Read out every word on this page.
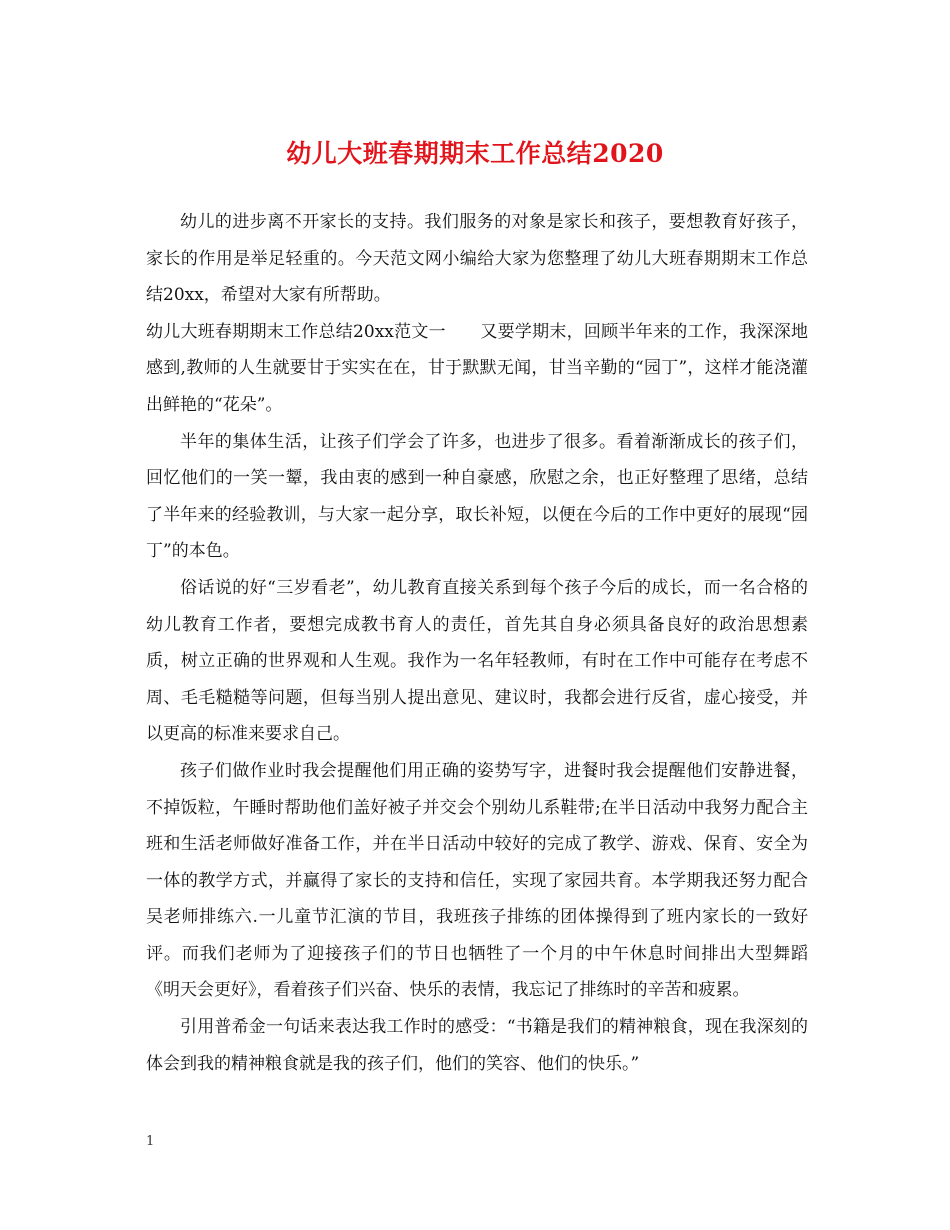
幼儿大班春期期末工作总结2020

幼儿的进步离不开家长的支持。我们服务的对象是家长和孩子，要想教育好孩子，家长的作用是举足轻重的。今天范文网小编给大家为您整理了幼儿大班春期期末工作总结20xx，希望对大家有所帮助。

幼儿大班春期期末工作总结20xx范文一　　又要学期末，回顾半年来的工作，我深深地感到,教师的人生就要甘于实实在在，甘于默默无闻，甘当辛勤的“园丁”，这样才能浇灌出鲜艳的“花朵”。

半年的集体生活，让孩子们学会了许多，也进步了很多。看着渐渐成长的孩子们，回忆他们的一笑一颦，我由衷的感到一种自豪感，欣慰之余，也正好整理了思绪，总结了半年来的经验教训，与大家一起分享，取长补短，以便在今后的工作中更好的展现“园丁”的本色。

俗话说的好“三岁看老”，幼儿教育直接关系到每个孩子今后的成长，而一名合格的幼儿教育工作者，要想完成教书育人的责任，首先其自身必须具备良好的政治思想素质，树立正确的世界观和人生观。我作为一名年轻教师，有时在工作中可能存在考虑不周、毛毛糙糙等问题，但每当别人提出意见、建议时，我都会进行反省，虚心接受，并以更高的标准来要求自己。

孩子们做作业时我会提醒他们用正确的姿势写字，进餐时我会提醒他们安静进餐，不掉饭粒，午睡时帮助他们盖好被子并交会个别幼儿系鞋带;在半日活动中我努力配合主班和生活老师做好准备工作，并在半日活动中较好的完成了教学、游戏、保育、安全为一体的教学方式，并赢得了家长的支持和信任，实现了家园共育。本学期我还努力配合吴老师排练六.一儿童节汇演的节目，我班孩子排练的团体操得到了班内家长的一致好评。而我们老师为了迎接孩子们的节日也牺牲了一个月的中午休息时间排出大型舞蹈《明天会更好》，看着孩子们兴奋、快乐的表情，我忘记了排练时的辛苦和疲累。

引用普希金一句话来表达我工作时的感受：“书籍是我们的精神粮食，现在我深刻的体会到我的精神粮食就是我的孩子们，他们的笑容、他们的快乐。”

1
